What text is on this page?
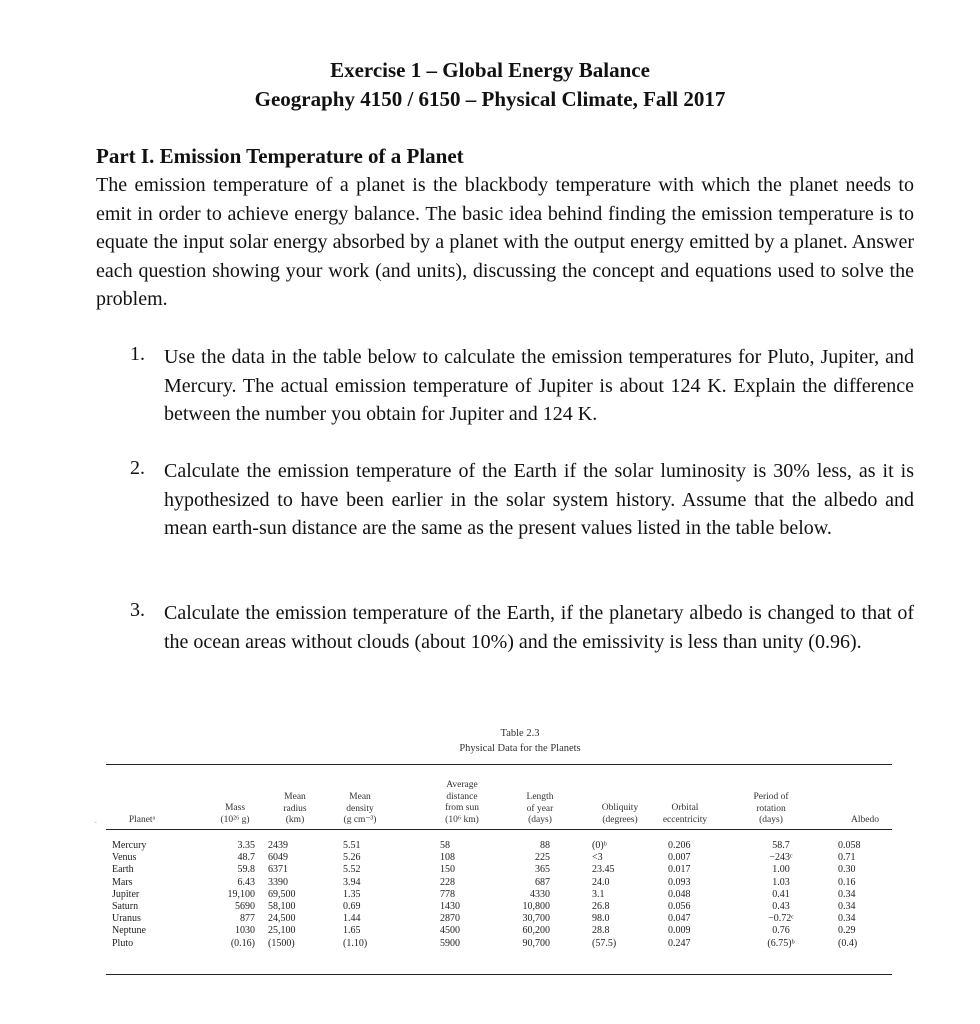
Exercise 1 – Global Energy Balance
Geography 4150 / 6150 – Physical Climate, Fall 2017
Part I. Emission Temperature of a Planet

The emission temperature of a planet is the blackbody temperature with which the planet needs to emit in order to achieve energy balance. The basic idea behind finding the emission temperature is to equate the input solar energy absorbed by a planet with the output energy emitted by a planet. Answer each question showing your work (and units), discussing the concept and equations used to solve the problem.

1. Use the data in the table below to calculate the emission temperatures for Pluto, Jupiter, and Mercury. The actual emission temperature of Jupiter is about 124 K. Explain the difference between the number you obtain for Jupiter and 124 K.

2. Calculate the emission temperature of the Earth if the solar luminosity is 30% less, as it is hypothesized to have been earlier in the solar system history. Assume that the albedo and mean earth-sun distance are the same as the present values listed in the table below.

3. Calculate the emission temperature of the Earth, if the planetary albedo is changed to that of the ocean areas without clouds (about 10%) and the emissivity is less than unity (0.96).

Table 2.3
Physical Data for the Planets
Planetᵃ
Mass
(10²⁶ g)
Mean
radius
(km)
Mean
density
(g cm⁻³)
Average
distance
from sun
(10⁶ km)
Length
of year
(days)
Obliquity
(degrees)
Orbital
eccentricity
Period of
rotation
(days)	Albedo
Mercury
Venus
Earth
Mars
Jupiter
Saturn
Uranus
Neptune
Pluto
3.35
48.7
59.8
6.43
19,100
5690
877
1030
(0.16)
2439
6049
6371
3390
69,500
58,100
24,500
25,100
(1500)
5.51
5.26
5.52
3.94
1.35
0.69
1.44
1.65
(1.10)
58
108
150
228
778
1430
2870
4500
5900
88
225
365
687
4330
10,800
30,700
60,200
90,700
(0)ᵇ
<3
23.45
24.0
3.1
26.8
98.0
28.8
(57.5)
0.206
0.007
0.017
0.093
0.048
0.056
0.047
0.009
0.247
58.7
−243ᶜ
1.00
1.03
0.41
0.43
−0.72ᶜ
0.76
(6.75)ᵇ
0.058
0.71
0.30
0.16
0.34
0.34
0.34
0.29
(0.4)
-
